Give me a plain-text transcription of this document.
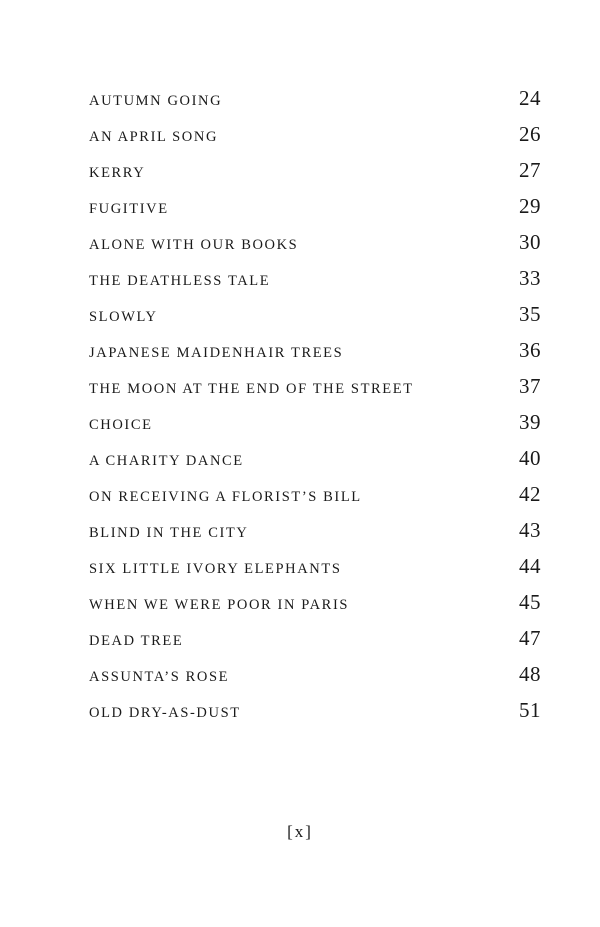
AUTUMN GOING	24
AN APRIL SONG	26
KERRY	27
FUGITIVE	29
ALONE WITH OUR BOOKS	30
THE DEATHLESS TALE	33
SLOWLY	35
JAPANESE MAIDENHAIR TREES	36
THE MOON AT THE END OF THE STREET	37
CHOICE	39
A CHARITY DANCE	40
ON RECEIVING A FLORIST’S BILL	42
BLIND IN THE CITY	43
SIX LITTLE IVORY ELEPHANTS	44
WHEN WE WERE POOR IN PARIS	45
DEAD TREE	47
ASSUNTA’S ROSE	48
OLD DRY-AS-DUST	51
[x]
